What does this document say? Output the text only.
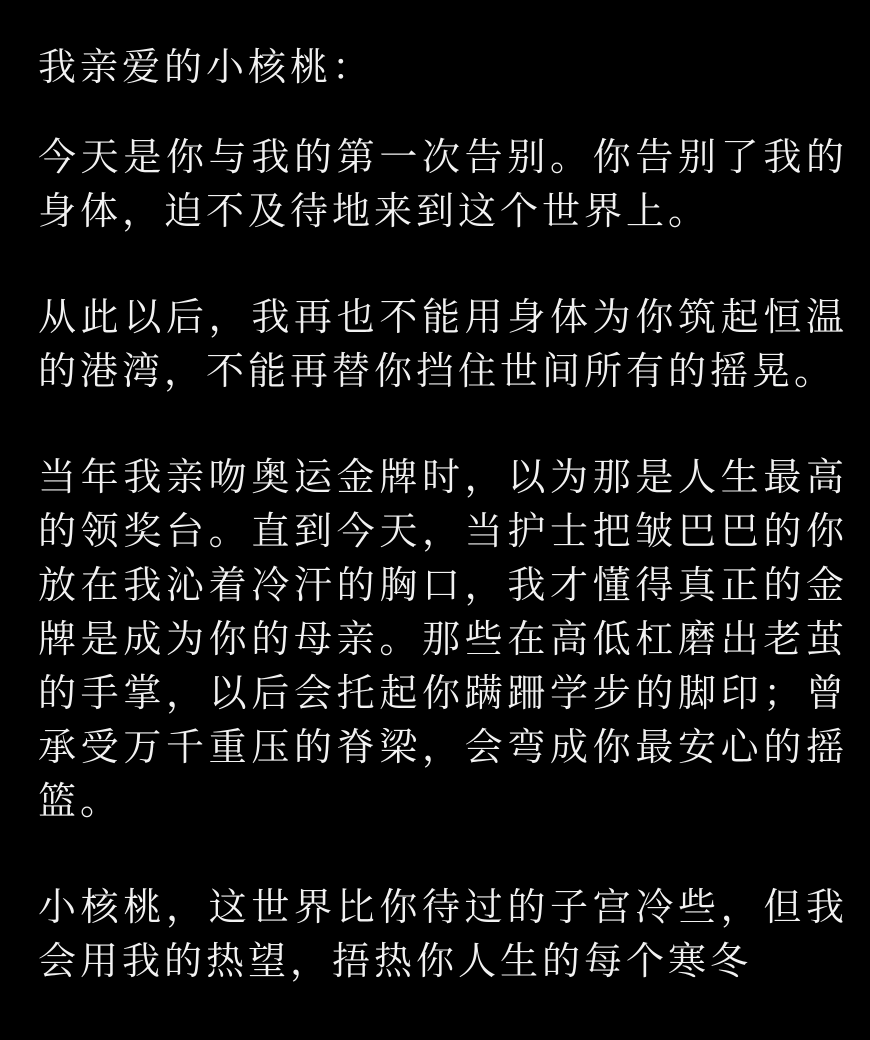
我亲爱的小核桃：
今天是你与我的第一次告别。你告别了我的身体，迫不及待地来到这个世界上。
从此以后，我再也不能用身体为你筑起恒温的港湾，不能再替你挡住世间所有的摇晃。
当年我亲吻奥运金牌时，以为那是人生最高的领奖台。直到今天，当护士把皱巴巴的你放在我沁着冷汗的胸口，我才懂得真正的金牌是成为你的母亲。那些在高低杠磨出老茧的手掌，以后会托起你蹒跚学步的脚印；曾承受万千重压的脊梁，会弯成你最安心的摇篮。
小核桃，这世界比你待过的子宫冷些，但我会用我的热望，捂热你人生的每个寒冬
